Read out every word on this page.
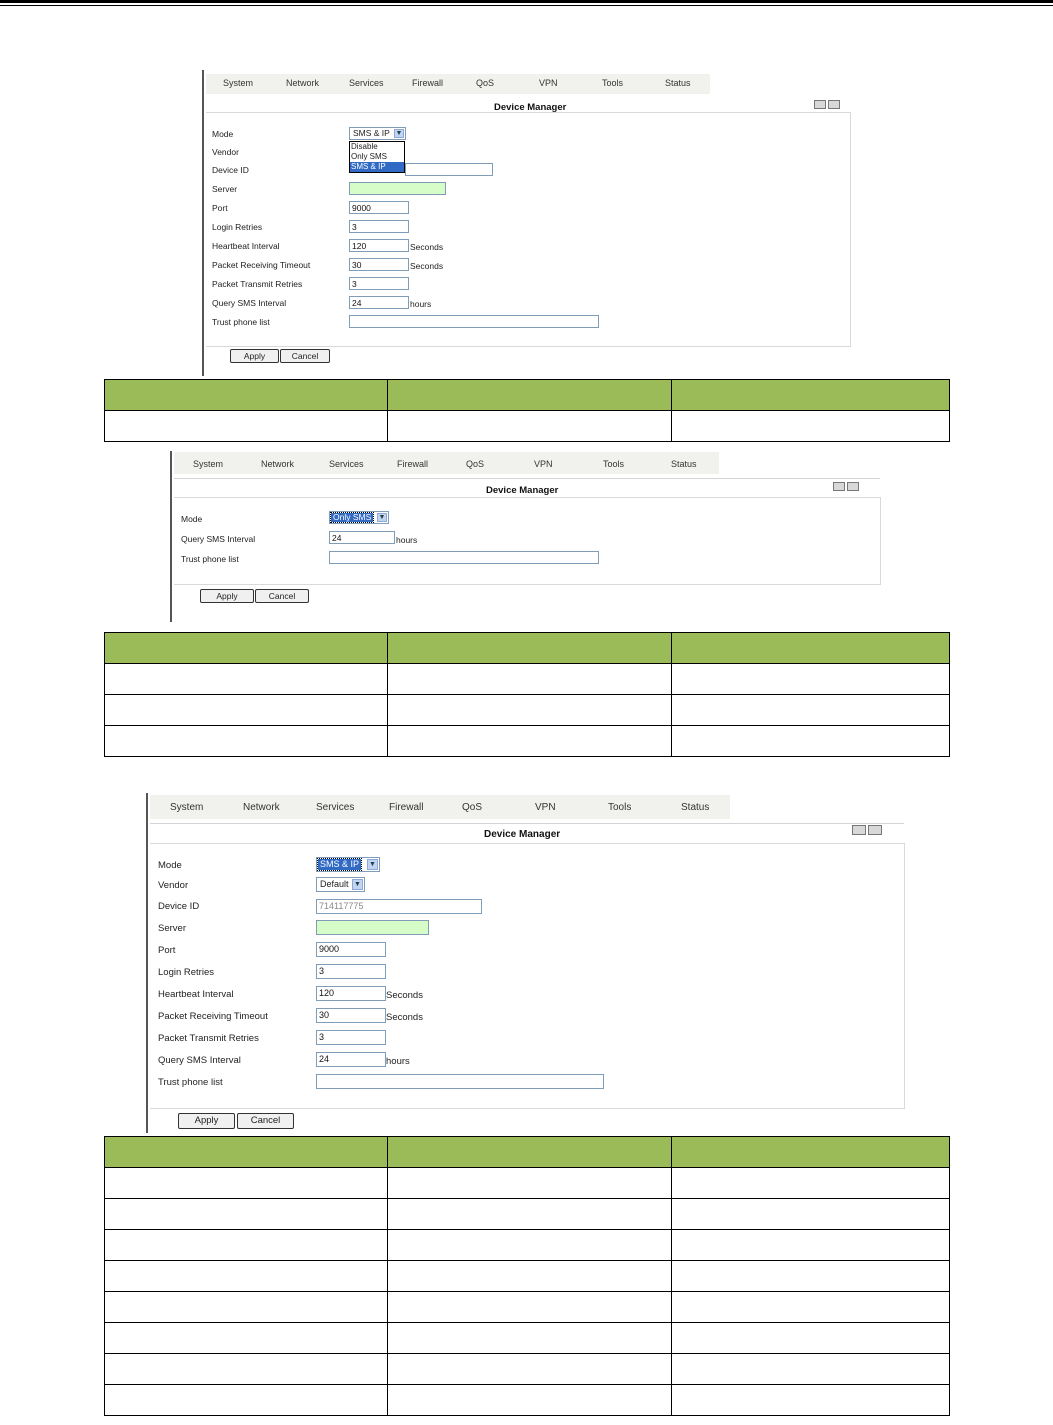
System	Network	Services	Firewall	QoS	VPN	Tools	Status
Device Manager
Mode	SMS & IP ▼
Disable
Only SMS
SMS & IP
Vendor
Device ID
Server
Port	9000
Login Retries	3
Heartbeat Interval	120	Seconds
Packet Receiving Timeout	30	Seconds
Packet Transmit Retries	3
Query SMS Interval	24	hours
Trust phone list
Apply	Cancel

System	Network	Services	Firewall	QoS	VPN	Tools	Status
Device Manager
Mode	Only SMS ▼
Query SMS Interval	24	hours
Trust phone list
Apply	Cancel

System	Network	Services	Firewall	QoS	VPN	Tools	Status
Device Manager
Mode	SMS & IP ▼
Vendor	Default ▼
Device ID	714117775
Server
Port	9000
Login Retries	3
Heartbeat Interval	120	Seconds
Packet Receiving Timeout	30	Seconds
Packet Transmit Retries	3
Query SMS Interval	24	hours
Trust phone list
Apply	Cancel
